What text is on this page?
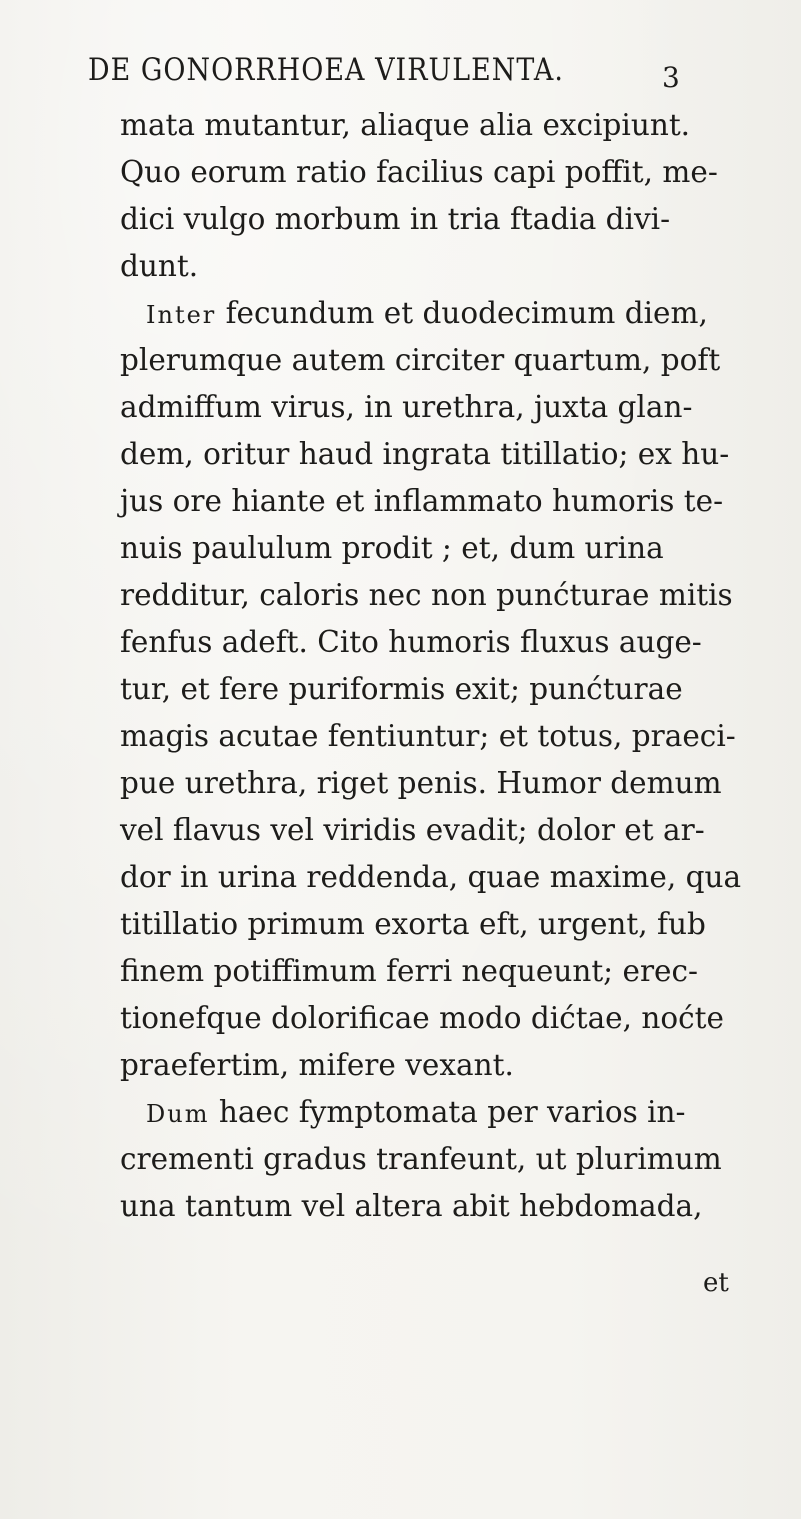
DE GONORRHOEA VIRULENTA.	3
mata mutantur, aliaque alia excipiunt.
Quo eorum ratio facilius capi poffit, me-
dici vulgo morbum in tria ftadia divi-
dunt.
Inter fecundum et duodecimum diem,
plerumque autem circiter quartum, poft
admiffum virus, in urethra, juxta glan-
dem, oritur haud ingrata titillatio; ex hu-
jus ore hiante et inflammato humoris te-
nuis paululum prodit ; et, dum urina
redditur, caloris nec non punćturae mitis
fenfus adeft. Cito humoris fluxus auge-
tur, et fere puriformis exit; punćturae
magis acutae fentiuntur; et totus, praeci-
pue urethra, riget penis. Humor demum
vel flavus vel viridis evadit; dolor et ar-
dor in urina reddenda, quae maxime, qua
titillatio primum exorta eft, urgent, fub
finem potiffimum ferri nequeunt; erec-
tionefque dolorificae modo dićtae, noćte
praefertim, mifere vexant.
Dum haec fymptomata per varios in-
crementi gradus tranfeunt, ut plurimum
una tantum vel altera abit hebdomada,
et
